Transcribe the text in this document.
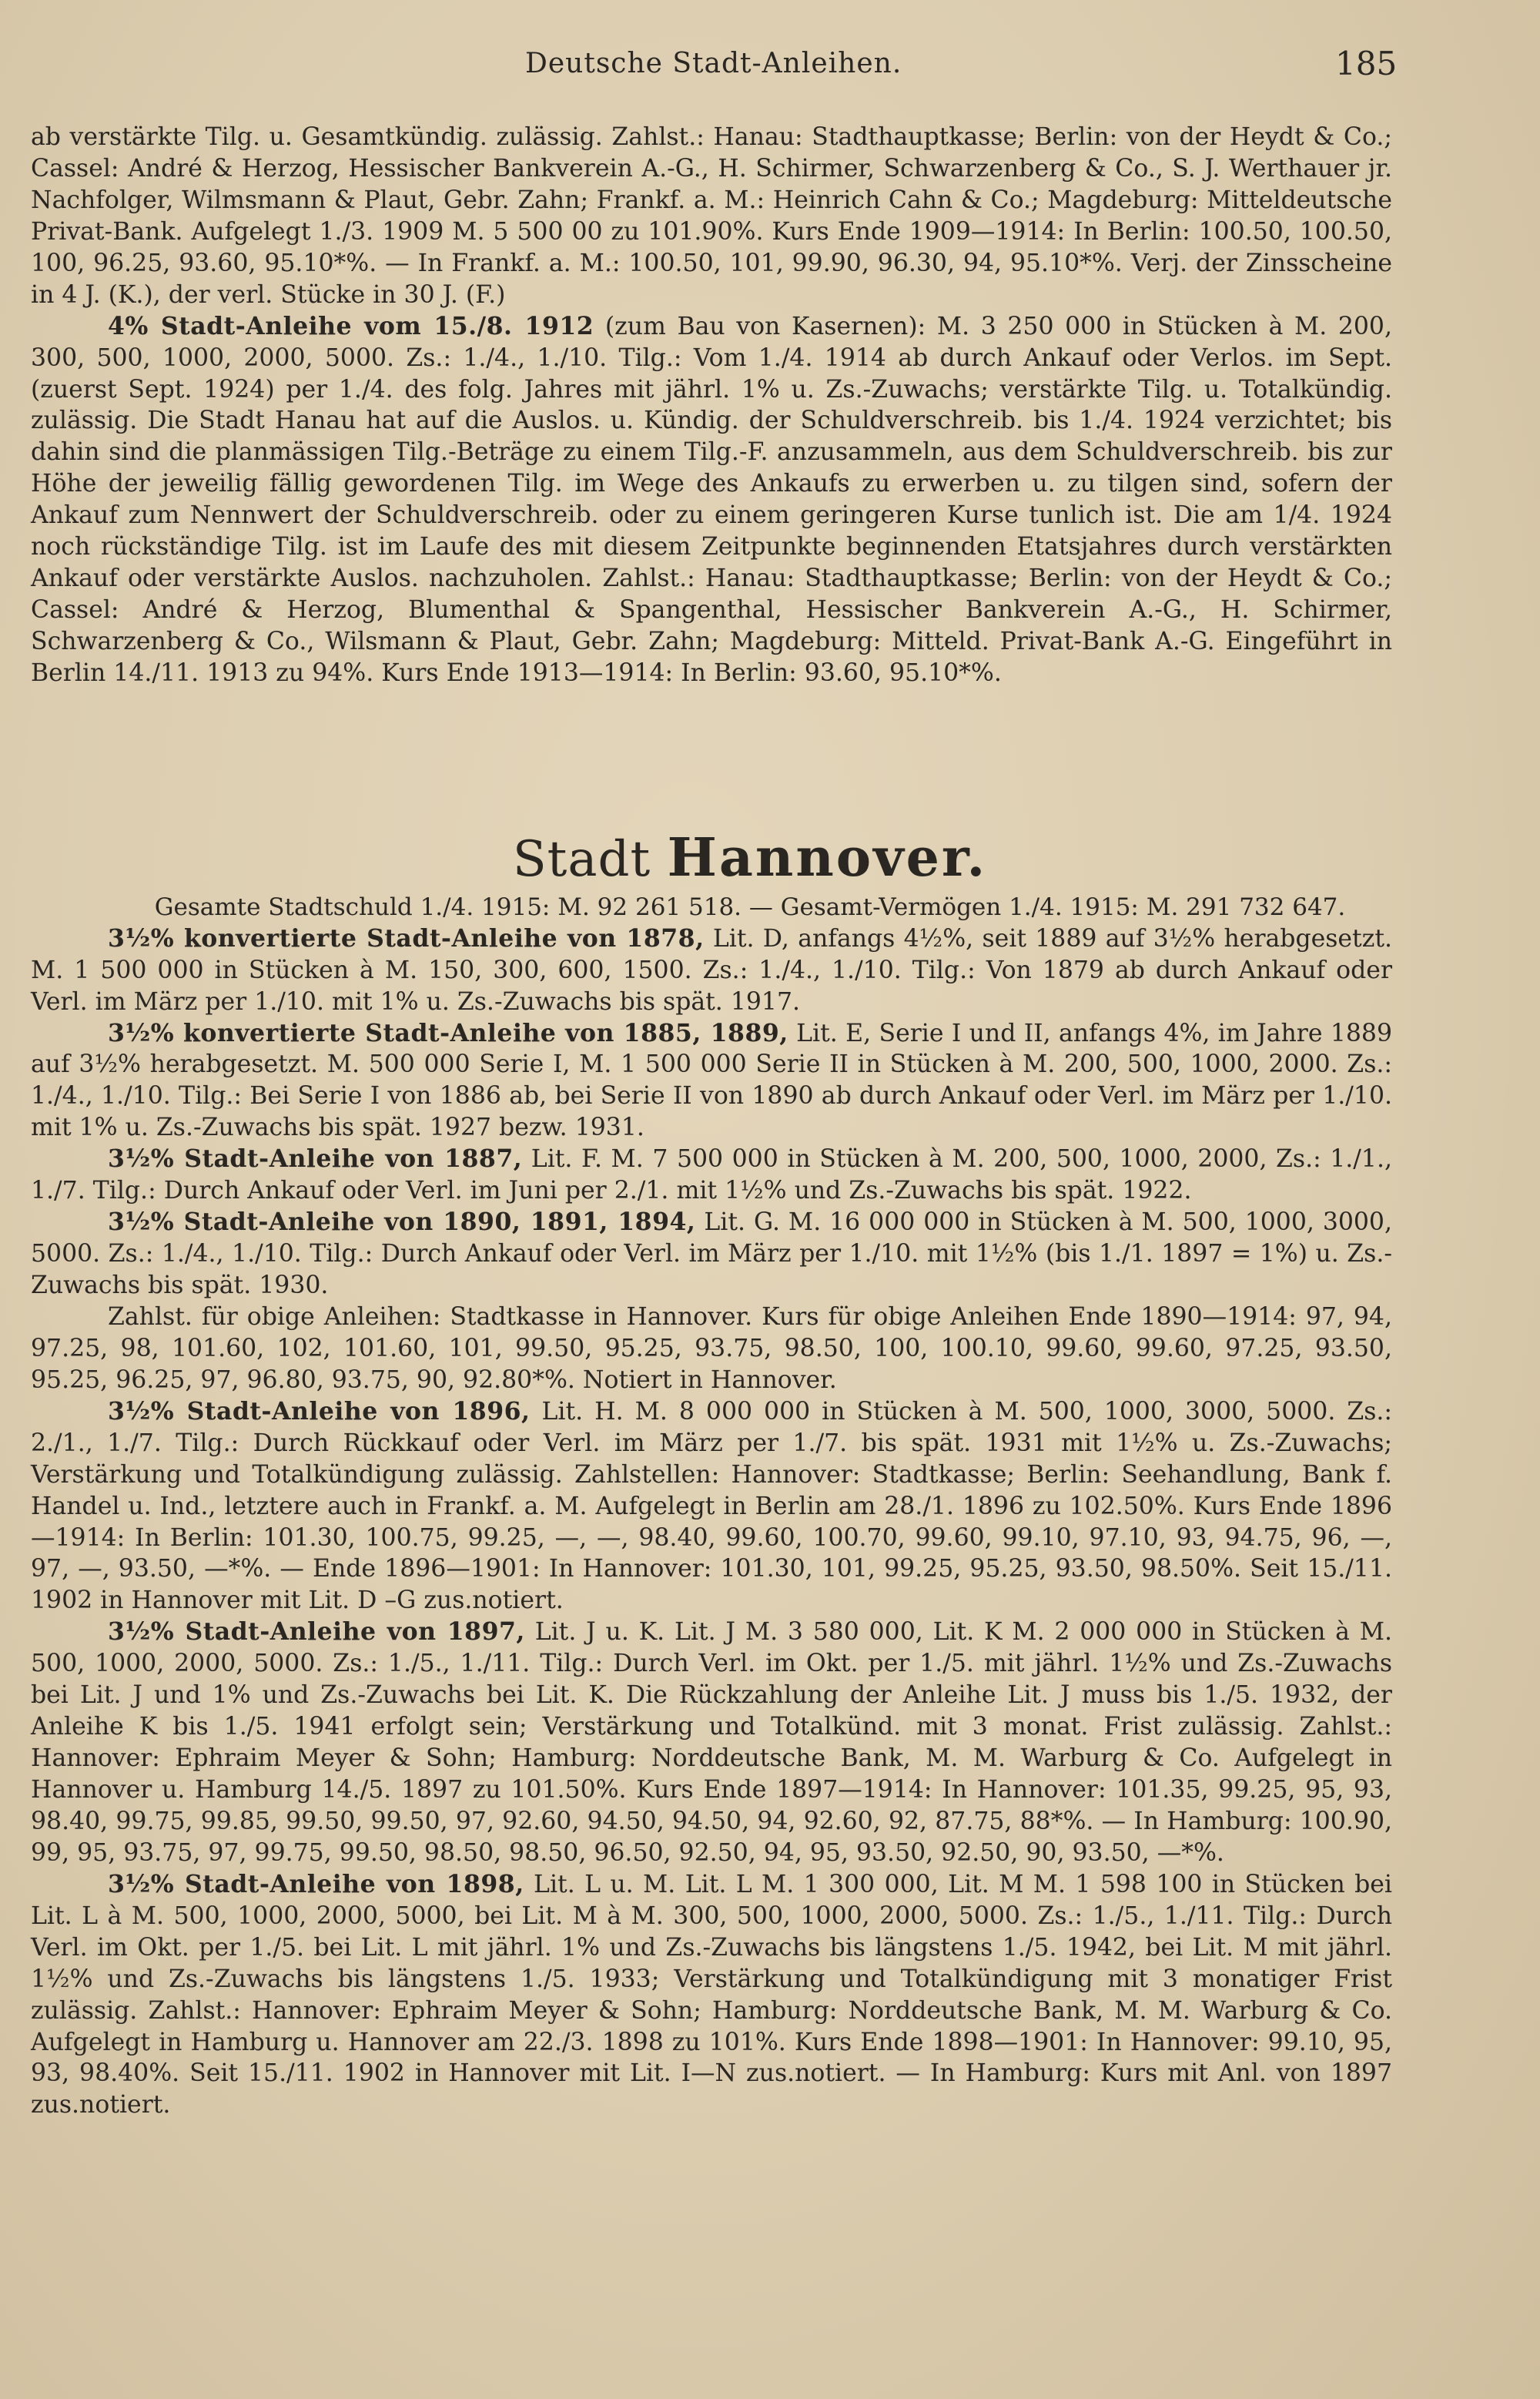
Deutsche Stadt-Anleihen.	185

ab verstärkte Tilg. u. Gesamtkündig. zulässig. Zahlst.: Hanau: Stadthauptkasse; Berlin: von der Heydt & Co.; Cassel: André & Herzog, Hessischer Bankverein A.-G., H. Schirmer, Schwarzenberg & Co., S. J. Werthauer jr. Nachfolger, Wilmsmann & Plaut, Gebr. Zahn; Frankf. a. M.: Heinrich Cahn & Co.; Magdeburg: Mitteldeutsche Privat-Bank. Aufgelegt 1./3. 1909 M. 5 500 00 zu 101.90%. Kurs Ende 1909—1914: In Berlin: 100.50, 100.50, 100, 96.25, 93.60, 95.10*%. — In Frankf. a. M.: 100.50, 101, 99.90, 96.30, 94, 95.10*%. Verj. der Zinsscheine in 4 J. (K.), der verl. Stücke in 30 J. (F.)

4% Stadt-Anleihe vom 15./8. 1912 (zum Bau von Kasernen): M. 3 250 000 in Stücken à M. 200, 300, 500, 1000, 2000, 5000. Zs.: 1./4., 1./10. Tilg.: Vom 1./4. 1914 ab durch Ankauf oder Verlos. im Sept. (zuerst Sept. 1924) per 1./4. des folg. Jahres mit jährl. 1% u. Zs.-Zuwachs; verstärkte Tilg. u. Totalkündig. zulässig. Die Stadt Hanau hat auf die Auslos. u. Kündig. der Schuldverschreib. bis 1./4. 1924 verzichtet; bis dahin sind die planmässigen Tilg.-Beträge zu einem Tilg.-F. anzusammeln, aus dem Schuldverschreib. bis zur Höhe der jeweilig fällig gewordenen Tilg. im Wege des Ankaufs zu erwerben u. zu tilgen sind, sofern der Ankauf zum Nennwert der Schuldverschreib. oder zu einem geringeren Kurse tunlich ist. Die am 1/4. 1924 noch rückständige Tilg. ist im Laufe des mit diesem Zeitpunkte beginnenden Etatsjahres durch verstärkten Ankauf oder verstärkte Auslos. nachzuholen. Zahlst.: Hanau: Stadthauptkasse; Berlin: von der Heydt & Co.; Cassel: André & Herzog, Blumenthal & Spangenthal, Hessischer Bankverein A.-G., H. Schirmer, Schwarzenberg & Co., Wilsmann & Plaut, Gebr. Zahn; Magdeburg: Mitteld. Privat-Bank A.-G. Eingeführt in Berlin 14./11. 1913 zu 94%. Kurs Ende 1913—1914: In Berlin: 93.60, 95.10*%.

Stadt Hannover.

Gesamte Stadtschuld 1./4. 1915: M. 92 261 518. — Gesamt-Vermögen 1./4. 1915: M. 291 732 647.

3½% konvertierte Stadt-Anleihe von 1878, Lit. D, anfangs 4½%, seit 1889 auf 3½% herabgesetzt. M. 1 500 000 in Stücken à M. 150, 300, 600, 1500. Zs.: 1./4., 1./10. Tilg.: Von 1879 ab durch Ankauf oder Verl. im März per 1./10. mit 1% u. Zs.-Zuwachs bis spät. 1917.

3½% konvertierte Stadt-Anleihe von 1885, 1889, Lit. E, Serie I und II, anfangs 4%, im Jahre 1889 auf 3½% herabgesetzt. M. 500 000 Serie I, M. 1 500 000 Serie II in Stücken à M. 200, 500, 1000, 2000. Zs.: 1./4., 1./10. Tilg.: Bei Serie I von 1886 ab, bei Serie II von 1890 ab durch Ankauf oder Verl. im März per 1./10. mit 1% u. Zs.-Zuwachs bis spät. 1927 bezw. 1931.

3½% Stadt-Anleihe von 1887, Lit. F. M. 7 500 000 in Stücken à M. 200, 500, 1000, 2000, Zs.: 1./1., 1./7. Tilg.: Durch Ankauf oder Verl. im Juni per 2./1. mit 1½% und Zs.-Zuwachs bis spät. 1922.

3½% Stadt-Anleihe von 1890, 1891, 1894, Lit. G. M. 16 000 000 in Stücken à M. 500, 1000, 3000, 5000. Zs.: 1./4., 1./10. Tilg.: Durch Ankauf oder Verl. im März per 1./10. mit 1½% (bis 1./1. 1897 = 1%) u. Zs.-Zuwachs bis spät. 1930.

Zahlst. für obige Anleihen: Stadtkasse in Hannover. Kurs für obige Anleihen Ende 1890—1914: 97, 94, 97.25, 98, 101.60, 102, 101.60, 101, 99.50, 95.25, 93.75, 98.50, 100, 100.10, 99.60, 99.60, 97.25, 93.50, 95.25, 96.25, 97, 96.80, 93.75, 90, 92.80*%. Notiert in Hannover.

3½% Stadt-Anleihe von 1896, Lit. H. M. 8 000 000 in Stücken à M. 500, 1000, 3000, 5000. Zs.: 2./1., 1./7. Tilg.: Durch Rückkauf oder Verl. im März per 1./7. bis spät. 1931 mit 1½% u. Zs.-Zuwachs; Verstärkung und Totalkündigung zulässig. Zahlstellen: Hannover: Stadtkasse; Berlin: Seehandlung, Bank f. Handel u. Ind., letztere auch in Frankf. a. M. Aufgelegt in Berlin am 28./1. 1896 zu 102.50%. Kurs Ende 1896—1914: In Berlin: 101.30, 100.75, 99.25, —, —, 98.40, 99.60, 100.70, 99.60, 99.10, 97.10, 93, 94.75, 96, —, 97, —, 93.50, —*%. — Ende 1896—1901: In Hannover: 101.30, 101, 99.25, 95.25, 93.50, 98.50%. Seit 15./11. 1902 in Hannover mit Lit. D –G zus.notiert.

3½% Stadt-Anleihe von 1897, Lit. J u. K. Lit. J M. 3 580 000, Lit. K M. 2 000 000 in Stücken à M. 500, 1000, 2000, 5000. Zs.: 1./5., 1./11. Tilg.: Durch Verl. im Okt. per 1./5. mit jährl. 1½% und Zs.-Zuwachs bei Lit. J und 1% und Zs.-Zuwachs bei Lit. K. Die Rückzahlung der Anleihe Lit. J muss bis 1./5. 1932, der Anleihe K bis 1./5. 1941 erfolgt sein; Verstärkung und Totalkünd. mit 3 monat. Frist zulässig. Zahlst.: Hannover: Ephraim Meyer & Sohn; Hamburg: Norddeutsche Bank, M. M. Warburg & Co. Aufgelegt in Hannover u. Hamburg 14./5. 1897 zu 101.50%. Kurs Ende 1897—1914: In Hannover: 101.35, 99.25, 95, 93, 98.40, 99.75, 99.85, 99.50, 99.50, 97, 92.60, 94.50, 94.50, 94, 92.60, 92, 87.75, 88*%. — In Hamburg: 100.90, 99, 95, 93.75, 97, 99.75, 99.50, 98.50, 98.50, 96.50, 92.50, 94, 95, 93.50, 92.50, 90, 93.50, —*%.

3½% Stadt-Anleihe von 1898, Lit. L u. M. Lit. L M. 1 300 000, Lit. M M. 1 598 100 in Stücken bei Lit. L à M. 500, 1000, 2000, 5000, bei Lit. M à M. 300, 500, 1000, 2000, 5000. Zs.: 1./5., 1./11. Tilg.: Durch Verl. im Okt. per 1./5. bei Lit. L mit jährl. 1% und Zs.-Zuwachs bis längstens 1./5. 1942, bei Lit. M mit jährl. 1½% und Zs.-Zuwachs bis längstens 1./5. 1933; Verstärkung und Totalkündigung mit 3 monatiger Frist zulässig. Zahlst.: Hannover: Ephraim Meyer & Sohn; Hamburg: Norddeutsche Bank, M. M. Warburg & Co. Aufgelegt in Hamburg u. Hannover am 22./3. 1898 zu 101%. Kurs Ende 1898—1901: In Hannover: 99.10, 95, 93, 98.40%. Seit 15./11. 1902 in Hannover mit Lit. I—N zus.notiert. — In Hamburg: Kurs mit Anl. von 1897 zus.notiert.
